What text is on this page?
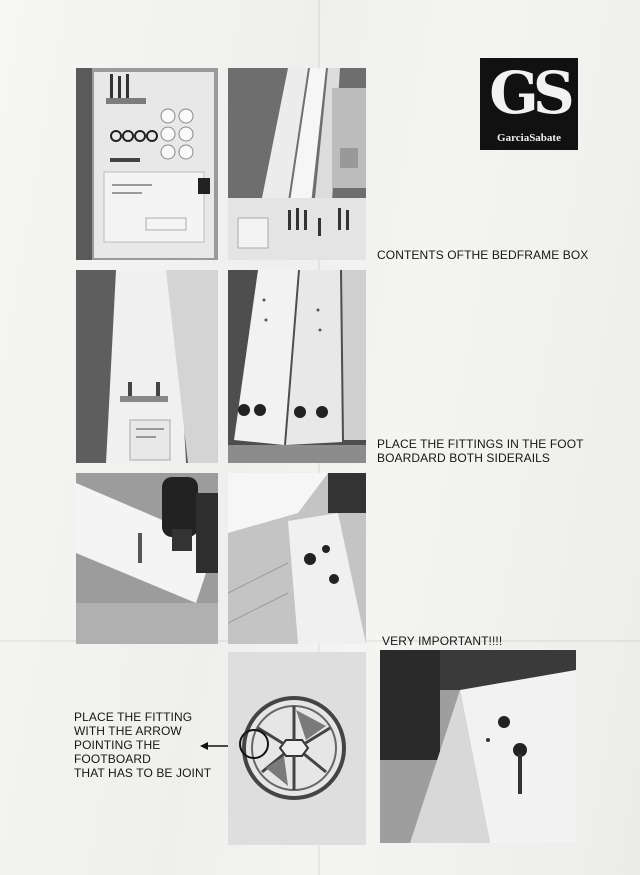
GS
GarciaSabate
CONTENTS OFTHE BEDFRAME BOX
PLACE THE FITTINGS IN THE FOOT
BOARDARD BOTH SIDERAILS
VERY IMPORTANT!!!!
PLACE THE FITTING
WITH THE ARROW
POINTING THE
FOOTBOARD
THAT HAS TO BE JOINT
